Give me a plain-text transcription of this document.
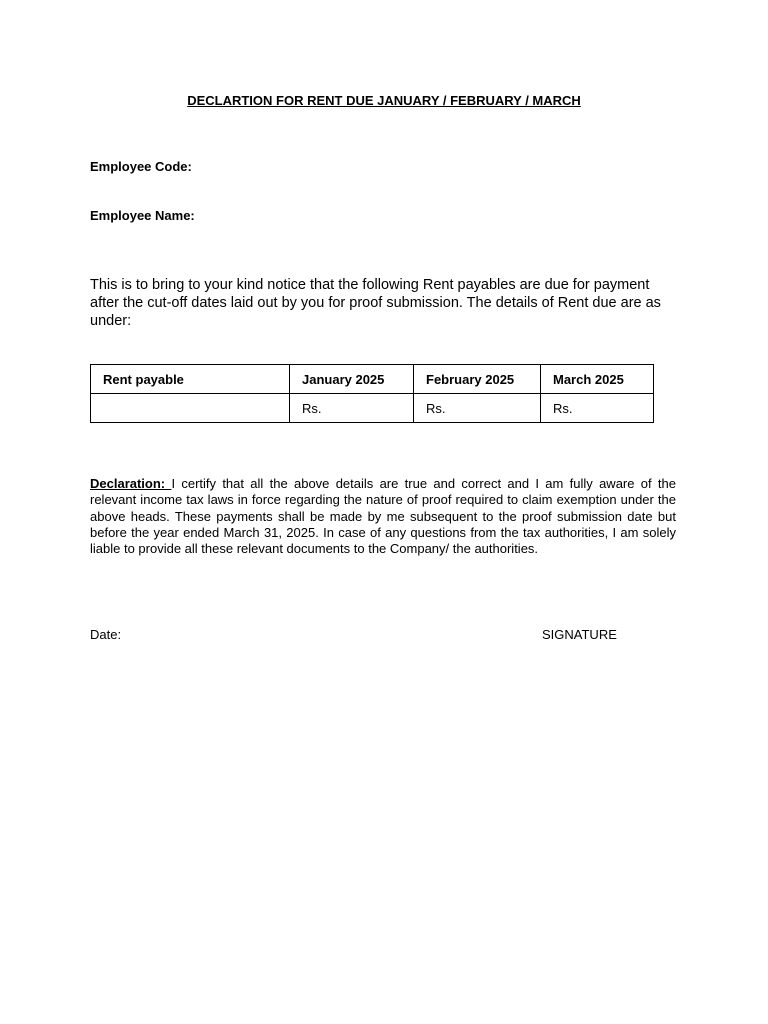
DECLARTION FOR RENT DUE JANUARY / FEBRUARY / MARCH
Employee Code:
Employee Name:
This is to bring to your kind notice that the following Rent payables are due for payment after the cut-off dates laid out by you for proof submission. The details of Rent due are as under:
Rent payable	January 2025	February 2025	March 2025
	Rs.	Rs.	Rs.
Declaration: I certify that all the above details are true and correct and I am fully aware of the relevant income tax laws in force regarding the nature of proof required to claim exemption under the above heads. These payments shall be made by me subsequent to the proof submission date but before the year ended March 31, 2025. In case of any questions from the tax authorities, I am solely liable to provide all these relevant documents to the Company/ the authorities.
Date:	SIGNATURE
